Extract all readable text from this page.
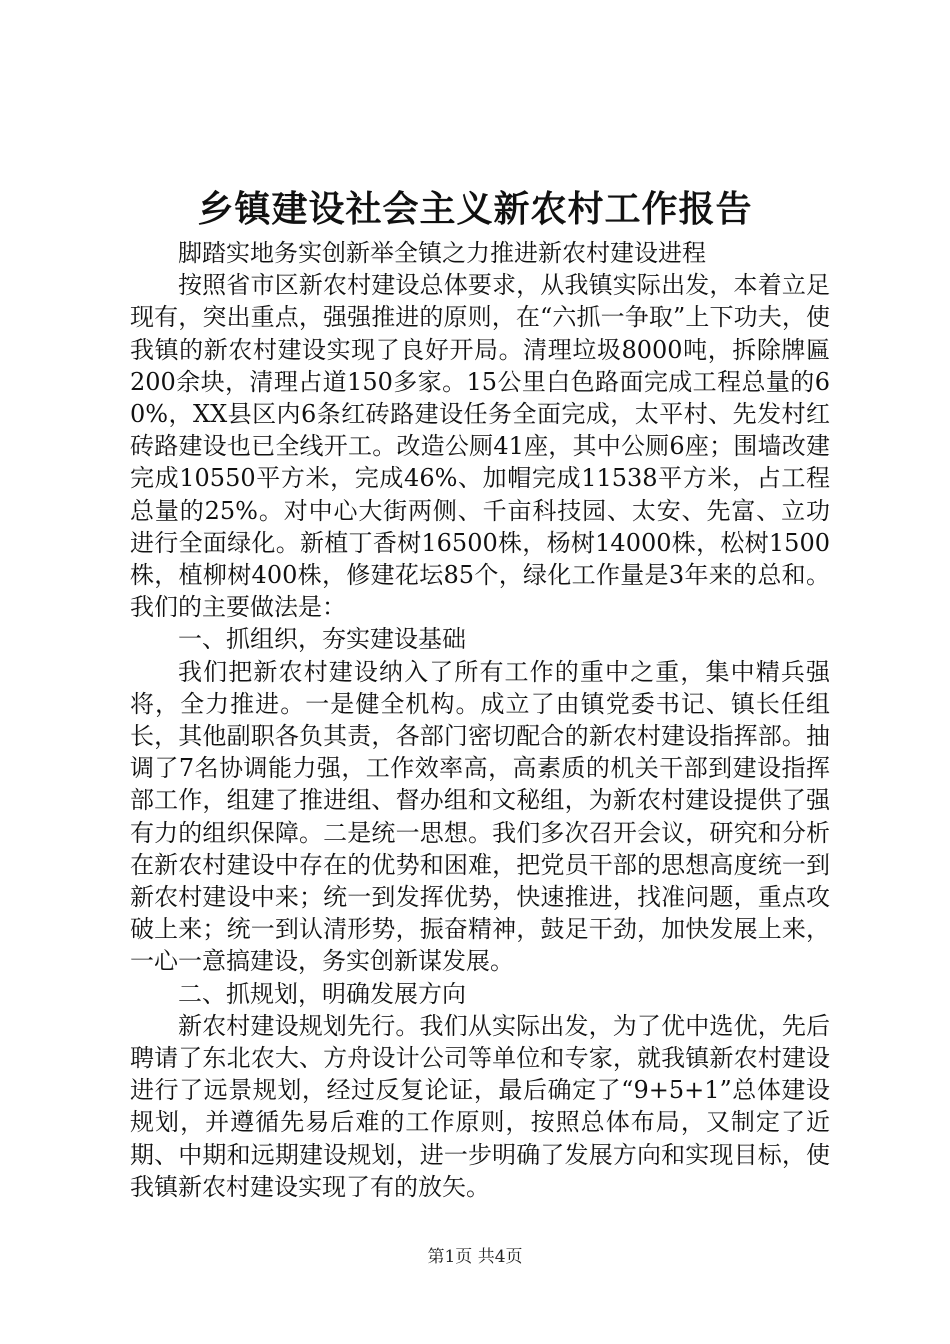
乡镇建设社会主义新农村工作报告

脚踏实地务实创新举全镇之力推进新农村建设进程

按照省市区新农村建设总体要求，从我镇实际出发，本着立足现有，突出重点，强强推进的原则，在“六抓一争取”上下功夫，使我镇的新农村建设实现了良好开局。清理垃圾8000吨，拆除牌匾200余块，清理占道150多家。15公里白色路面完成工程总量的60%，XX县区内6条红砖路建设任务全面完成，太平村、先发村红砖路建设也已全线开工。改造公厕41座，其中公厕6座；围墙改建完成10550平方米，完成46%、加帽完成11538平方米，占工程总量的25%。对中心大街两侧、千亩科技园、太安、先富、立功进行全面绿化。新植丁香树16500株，杨树14000株，松树1500株，植柳树400株，修建花坛85个，绿化工作量是3年来的总和。我们的主要做法是：

一、抓组织，夯实建设基础

我们把新农村建设纳入了所有工作的重中之重，集中精兵强将，全力推进。一是健全机构。成立了由镇党委书记、镇长任组长，其他副职各负其责，各部门密切配合的新农村建设指挥部。抽调了7名协调能力强，工作效率高，高素质的机关干部到建设指挥部工作，组建了推进组、督办组和文秘组，为新农村建设提供了强有力的组织保障。二是统一思想。我们多次召开会议，研究和分析在新农村建设中存在的优势和困难，把党员干部的思想高度统一到新农村建设中来；统一到发挥优势，快速推进，找准问题，重点攻破上来；统一到认清形势，振奋精神，鼓足干劲，加快发展上来，一心一意搞建设，务实创新谋发展。

二、抓规划，明确发展方向

新农村建设规划先行。我们从实际出发，为了优中选优，先后聘请了东北农大、方舟设计公司等单位和专家，就我镇新农村建设进行了远景规划，经过反复论证，最后确定了“9+5+1”总体建设规划，并遵循先易后难的工作原则，按照总体布局，又制定了近期、中期和远期建设规划，进一步明确了发展方向和实现目标，使我镇新农村建设实现了有的放矢。

第1页 共4页
